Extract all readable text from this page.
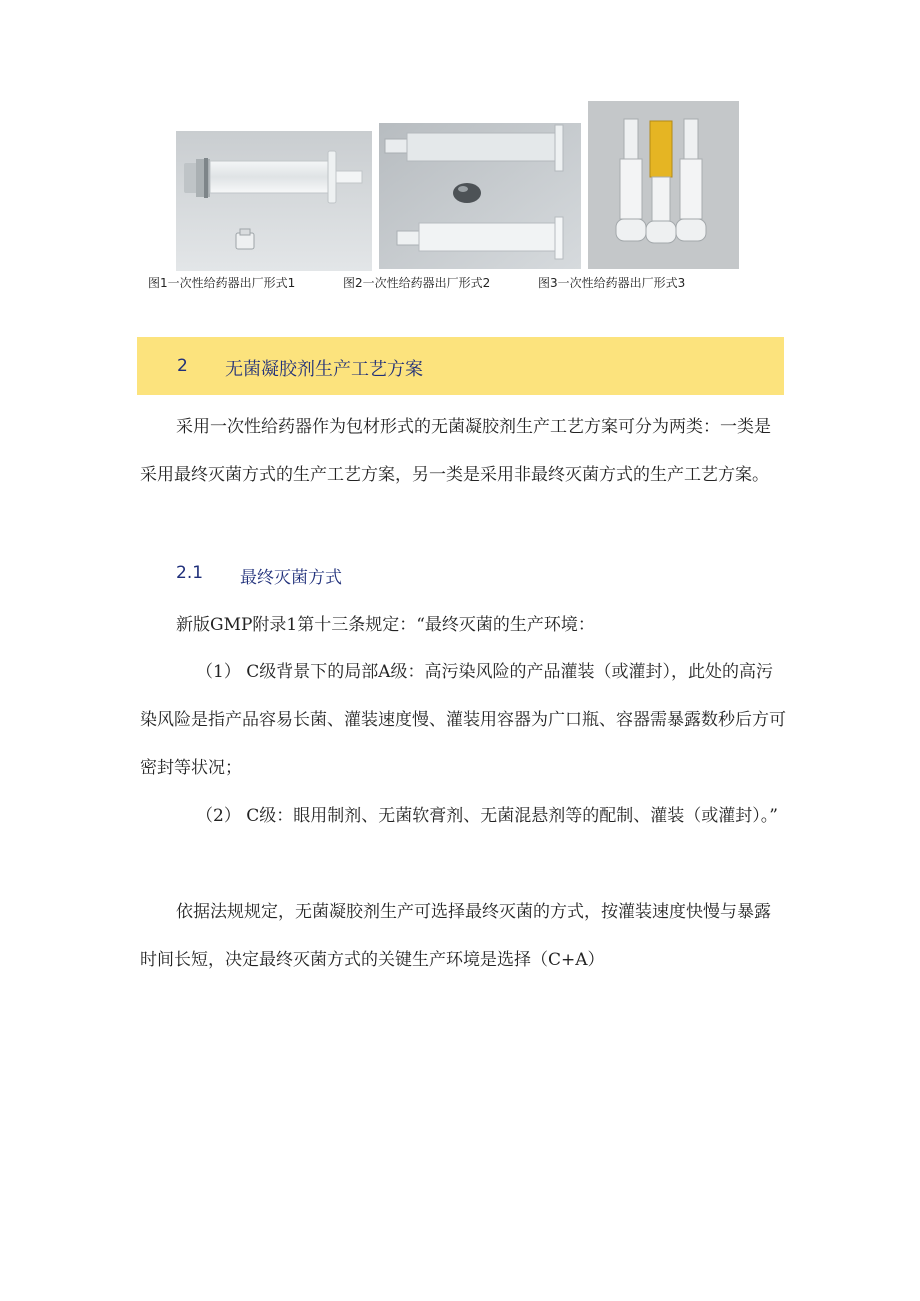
图1一次性给药器出厂形式1	图2一次性给药器出厂形式2	图3一次性给药器出厂形式3
2 无菌凝胶剂生产工艺方案

采用一次性给药器作为包材形式的无菌凝胶剂生产工艺方案可分为两类：一类是采用最终灭菌方式的生产工艺方案，另一类是采用非最终灭菌方式的生产工艺方案。

2.1 最终灭菌方式
新版GMP附录1第十三条规定：“最终灭菌的生产环境：

（1） C级背景下的局部A级：高污染风险的产品灌装（或灌封），此处的高污染风险是指产品容易长菌、灌装速度慢、灌装用容器为广口瓶、容器需暴露数秒后方可密封等状况；

（2） C级：眼用制剂、无菌软膏剂、无菌混悬剂等的配制、灌装（或灌封）。”

依据法规规定，无菌凝胶剂生产可选择最终灭菌的方式，按灌装速度快慢与暴露时间长短，决定最终灭菌方式的关键生产环境是选择（C+A）
